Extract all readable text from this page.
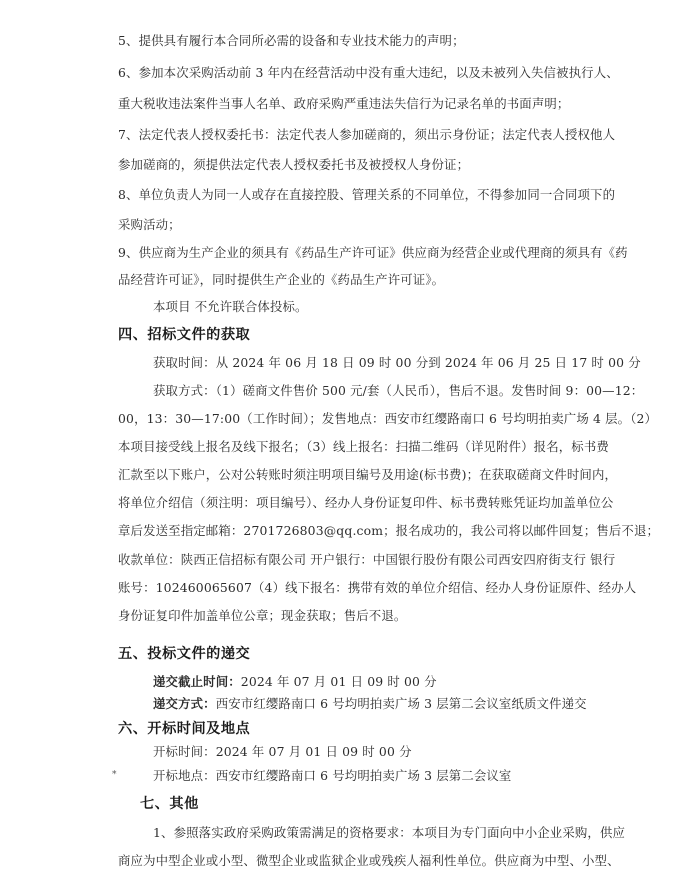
5、提供具有履行本合同所必需的设备和专业技术能力的声明；
6、参加本次采购活动前 3 年内在经营活动中没有重大违纪，以及未被列入失信被执行人、
重大税收违法案件当事人名单、政府采购严重违法失信行为记录名单的书面声明；
7、法定代表人授权委托书：法定代表人参加磋商的，须出示身份证；法定代表人授权他人
参加磋商的，须提供法定代表人授权委托书及被授权人身份证；
8、单位负责人为同一人或存在直接控股、管理关系的不同单位，不得参加同一合同项下的
采购活动；
9、供应商为生产企业的须具有《药品生产许可证》供应商为经营企业或代理商的须具有《药
品经营许可证》，同时提供生产企业的《药品生产许可证》。
本项目 不允许联合体投标。
四、招标文件的获取
获取时间：从 2024 年 06 月 18 日 09 时 00 分到 2024 年 06 月 25 日 17 时 00 分
获取方式：（1）磋商文件售价 500 元/套（人民币），售后不退。发售时间 9：00—12：
00，13：30—17:00（工作时间）；发售地点：西安市红缨路南口 6 号均明拍卖广场 4 层。（2）
本项目接受线上报名及线下报名；（3）线上报名：扫描二维码（详见附件）报名，标书费
汇款至以下账户，公对公转账时须注明项目编号及用途(标书费)；在获取磋商文件时间内，
将单位介绍信（须注明：项目编号）、经办人身份证复印件、标书费转账凭证均加盖单位公
章后发送至指定邮箱：2701726803@qq.com；报名成功的，我公司将以邮件回复；售后不退；
收款单位：陕西正信招标有限公司 开户银行：中国银行股份有限公司西安四府街支行 银行
账号：102460065607（4）线下报名：携带有效的单位介绍信、经办人身份证原件、经办人
身份证复印件加盖单位公章；现金获取；售后不退。
五、投标文件的递交
递交截止时间：2024 年 07 月 01 日 09 时 00 分
递交方式：西安市红缨路南口 6 号均明拍卖广场 3 层第二会议室纸质文件递交
六、开标时间及地点
开标时间：2024 年 07 月 01 日 09 时 00 分
开标地点：西安市红缨路南口 6 号均明拍卖广场 3 层第二会议室
*
七、其他
1、参照落实政府采购政策需满足的资格要求：本项目为专门面向中小企业采购，供应
商应为中型企业或小型、微型企业或监狱企业或残疾人福利性单位。供应商为中型、小型、
